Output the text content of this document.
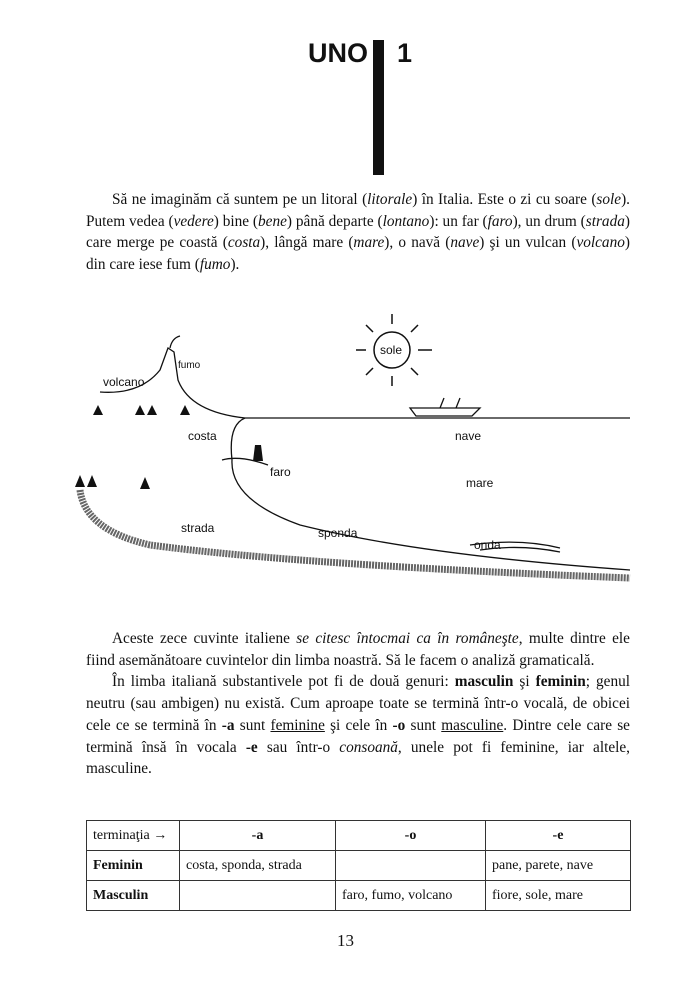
UNO 1

Să ne imaginăm că suntem pe un litoral (litorale) în Italia. Este o zi cu soare (sole). Putem vedea (vedere) bine (bene) până departe (lontano): un far (faro), un drum (strada) care merge pe coastă (costa), lângă mare (mare), o navă (nave) şi un vulcan (volcano) din care iese fum (fumo).

sole
fumo
volcano
costa	nave
faro
mare
strada	sponda
onda

Aceste zece cuvinte italiene se citesc întocmai ca în româneşte, multe dintre ele fiind asemănătoare cuvintelor din limba noastră. Să le facem o analiză gramaticală.

În limba italiană substantivele pot fi de două genuri: masculin şi feminin; genul neutru (sau ambigen) nu există. Cum aproape toate se termină într-o vocală, de obicei cele ce se termină în -a sunt feminine şi cele în -o sunt masculine. Dintre cele care se termină însă în vocala -e sau într-o consoană, unele pot fi feminine, iar altele, masculine.

terminaţia →	-a	-o	-e
Feminin	costa, sponda, strada		pane, parete, nave
Masculin		faro, fumo, volcano	fiore, sole, mare
13
